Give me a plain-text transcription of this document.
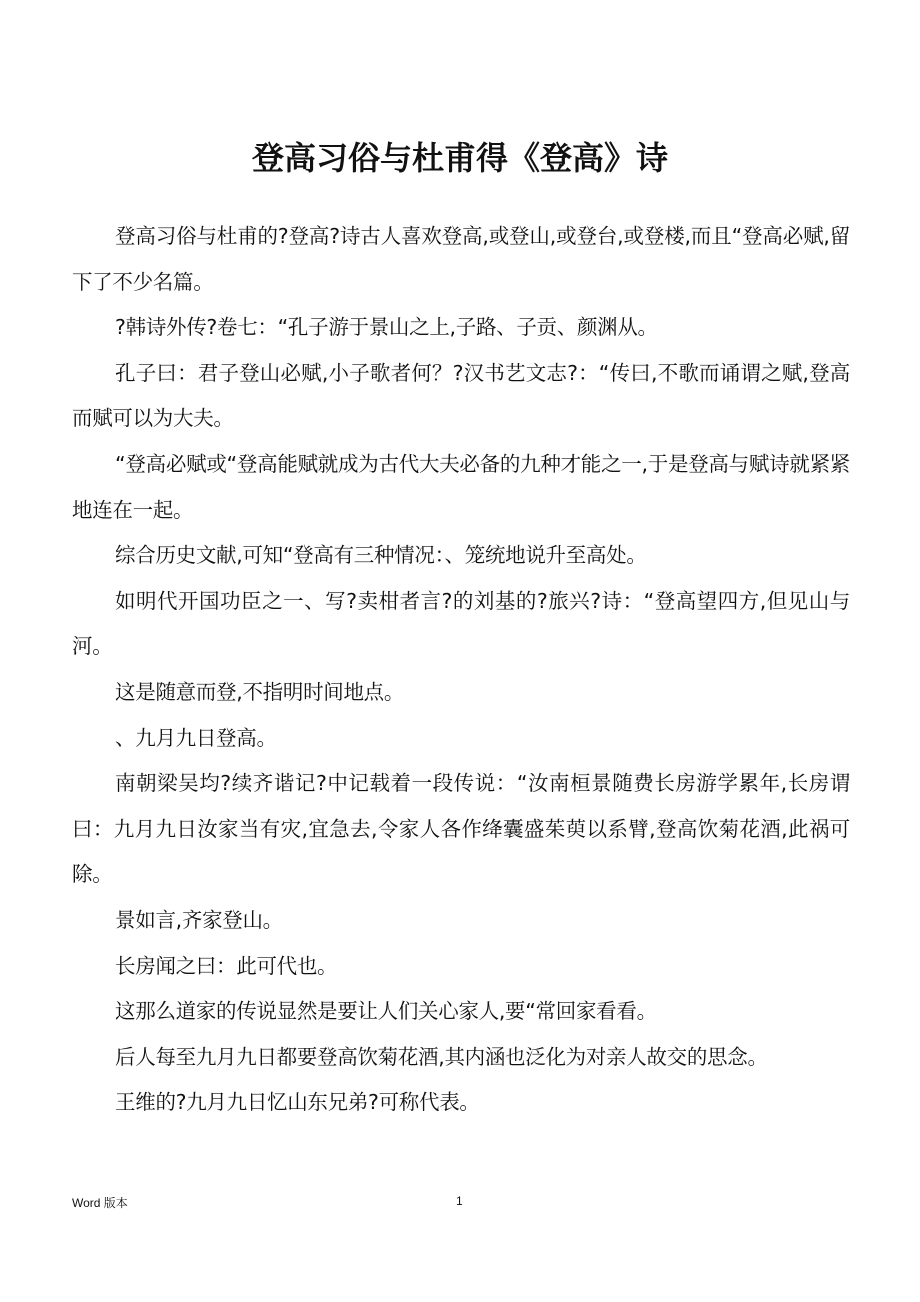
登高习俗与杜甫得《登高》诗

登高习俗与杜甫的?登高?诗古人喜欢登高,或登山,或登台,或登楼,而且“登高必赋,留下了不少名篇。

?韩诗外传?卷七：“孔子游于景山之上,子路、子贡、颜渊从。

孔子曰：君子登山必赋,小子歌者何？?汉书艺文志?：“传曰,不歌而诵谓之赋,登高而赋可以为大夫。

“登高必赋或“登高能赋就成为古代大夫必备的九种才能之一,于是登高与赋诗就紧紧地连在一起。

综合历史文献,可知“登高有三种情况：、笼统地说升至高处。

如明代开国功臣之一、写?卖柑者言?的刘基的?旅兴?诗：“登高望四方,但见山与河。

这是随意而登,不指明时间地点。

、九月九日登高。

南朝梁吴均?续齐谐记?中记载着一段传说：“汝南桓景随费长房游学累年,长房谓曰：九月九日汝家当有灾,宜急去,令家人各作绛囊盛茱萸以系臂,登高饮菊花酒,此祸可除。

景如言,齐家登山。

长房闻之曰：此可代也。

这那么道家的传说显然是要让人们关心家人,要“常回家看看。

后人每至九月九日都要登高饮菊花酒,其内涵也泛化为对亲人故交的思念。

王维的?九月九日忆山东兄弟?可称代表。

Word 版本	1
